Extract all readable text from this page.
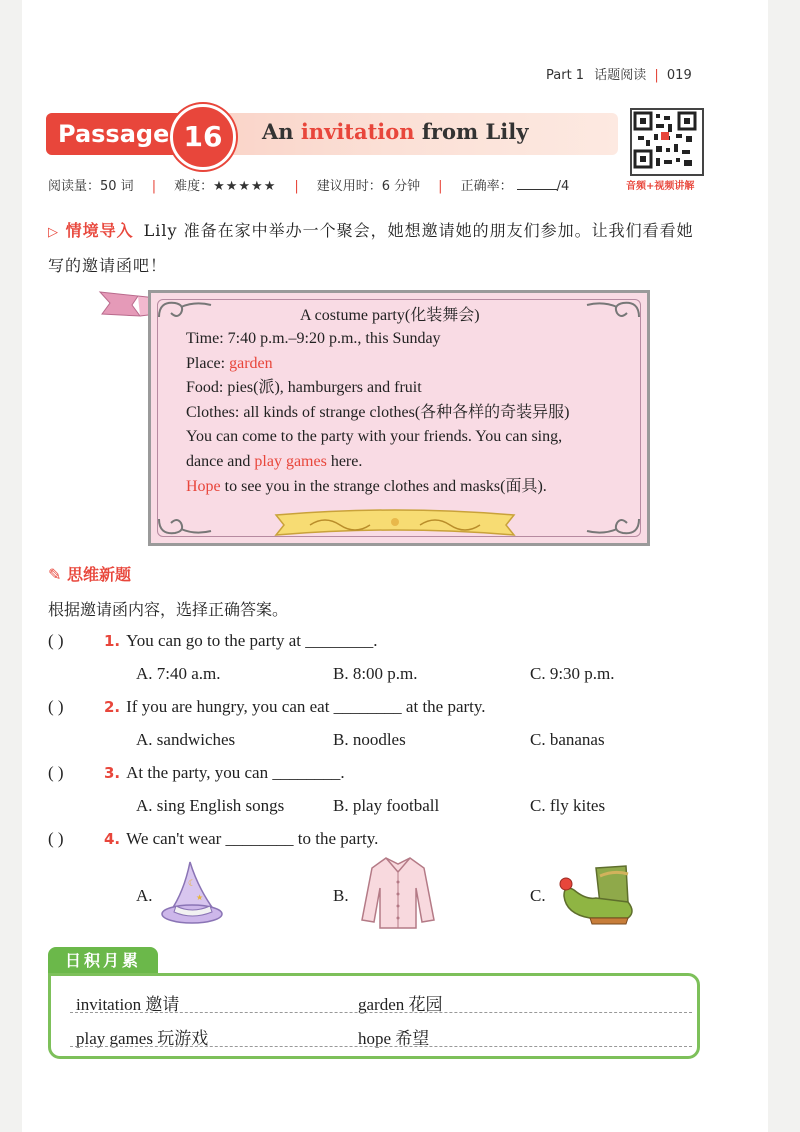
Part 1 话题阅读 | 019
Passage 16	An invitation from Lily
音频+视频讲解
阅读量：50 词 | 难度：★★★★★ | 建议用时：6 分钟 | 正确率：	/4
▷ 情境导入 Lily 准备在家中举办一个聚会，她想邀请她的朋友们参加。让我们看看她写的邀请函吧！
A costume party(化装舞会)
Time: 7:40 p.m.–9:20 p.m., this Sunday
Place: garden
Food: pies(派), hamburgers and fruit
Clothes: all kinds of strange clothes(各种各样的奇装异服)
You can come to the party with your friends. You can sing,
dance and play games here.
Hope to see you in the strange clothes and masks(面具).
✎ 思维新题
根据邀请函内容，选择正确答案。
( )	1. You can go to the party at ________.
A. 7:40 a.m.	B. 8:00 p.m.	C. 9:30 p.m.
( )	2. If you are hungry, you can eat ________ at the party.
A. sandwiches	B. noodles	C. bananas
( )	3. At the party, you can ________.
A. sing English songs	B. play football	C. fly kites
( )	4. We can't wear ________ to the party.
A.
☾
★	B.	C.
日积月累
invitation 邀请	garden 花园
play games 玩游戏	hope 希望
